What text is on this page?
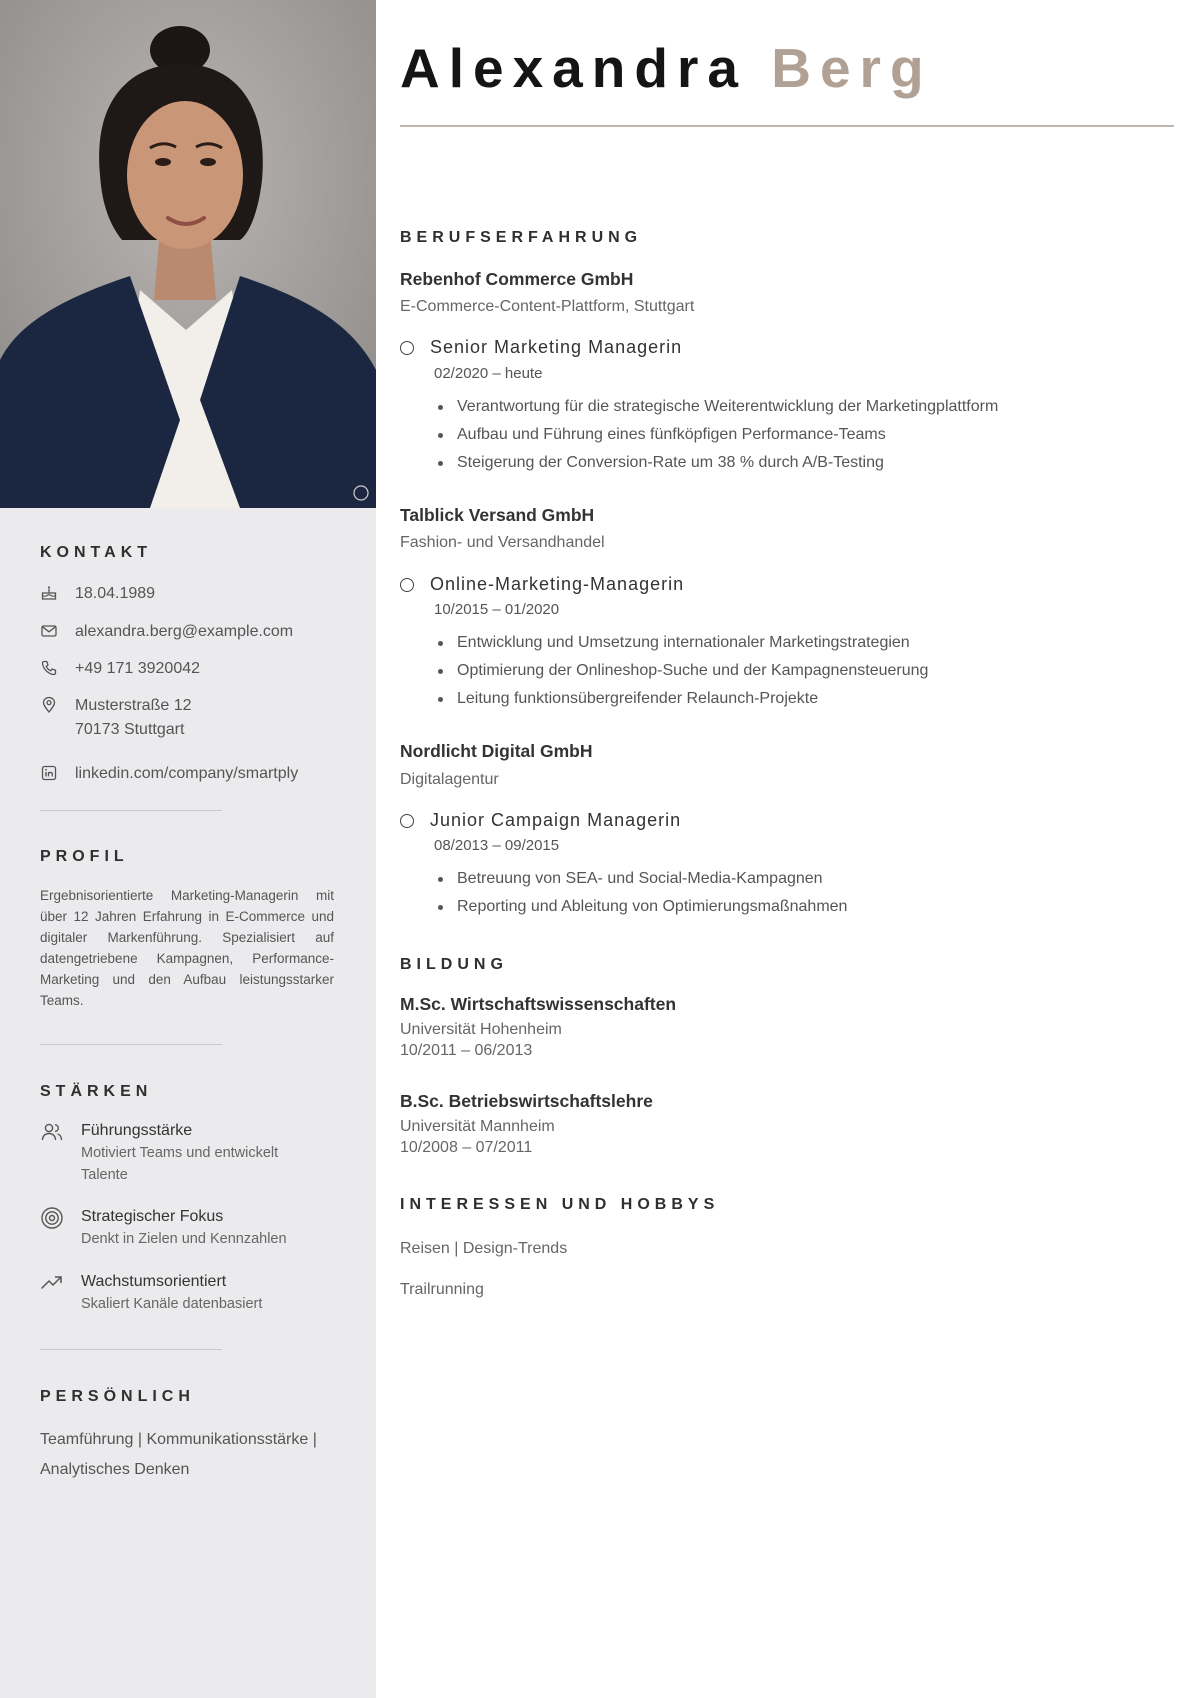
KONTAKT
18.04.1989
alexandra.berg@example.com
+49 171 3920042
Musterstraße 12
70173 Stuttgart
linkedin.com/company/smartply
PROFIL

Ergebnisorientierte Marketing-Managerin mit über 12 Jahren Erfahrung in E-Commerce und digitaler Markenführung. Spezialisiert auf datengetriebene Kampagnen, Performance-Marketing und den Aufbau leistungsstarker Teams.

STÄRKEN
Führungsstärke
Motiviert Teams und entwickelt Talente
Strategischer Fokus
Denkt in Zielen und Kennzahlen
Wachstumsorientiert
Skaliert Kanäle datenbasiert
PERSÖNLICH

Teamführung | Kommunikationsstärke | Analytisches Denken

Alexandra Berg
BERUFSERFAHRUNG
Rebenhof Commerce GmbH
E-Commerce-Content-Plattform, Stuttgart
Senior Marketing Managerin
02/2020 – heute
Verantwortung für die strategische Weiterentwicklung der Marketingplattform
Aufbau und Führung eines fünfköpfigen Performance-Teams
Steigerung der Conversion-Rate um 38 % durch A/B-Testing
Talblick Versand GmbH
Fashion- und Versandhandel
Online-Marketing-Managerin
10/2015 – 01/2020
Entwicklung und Umsetzung internationaler Marketingstrategien
Optimierung der Onlineshop-Suche und der Kampagnensteuerung
Leitung funktionsübergreifender Relaunch-Projekte
Nordlicht Digital GmbH
Digitalagentur
Junior Campaign Managerin
08/2013 – 09/2015
Betreuung von SEA- und Social-Media-Kampagnen
Reporting und Ableitung von Optimierungsmaßnahmen
BILDUNG
M.Sc. Wirtschaftswissenschaften
Universität Hohenheim
10/2011 – 06/2013
B.Sc. Betriebswirtschaftslehre
Universität Mannheim
10/2008 – 07/2011
INTERESSEN UND HOBBYS
Reisen | Design-Trends
Trailrunning
